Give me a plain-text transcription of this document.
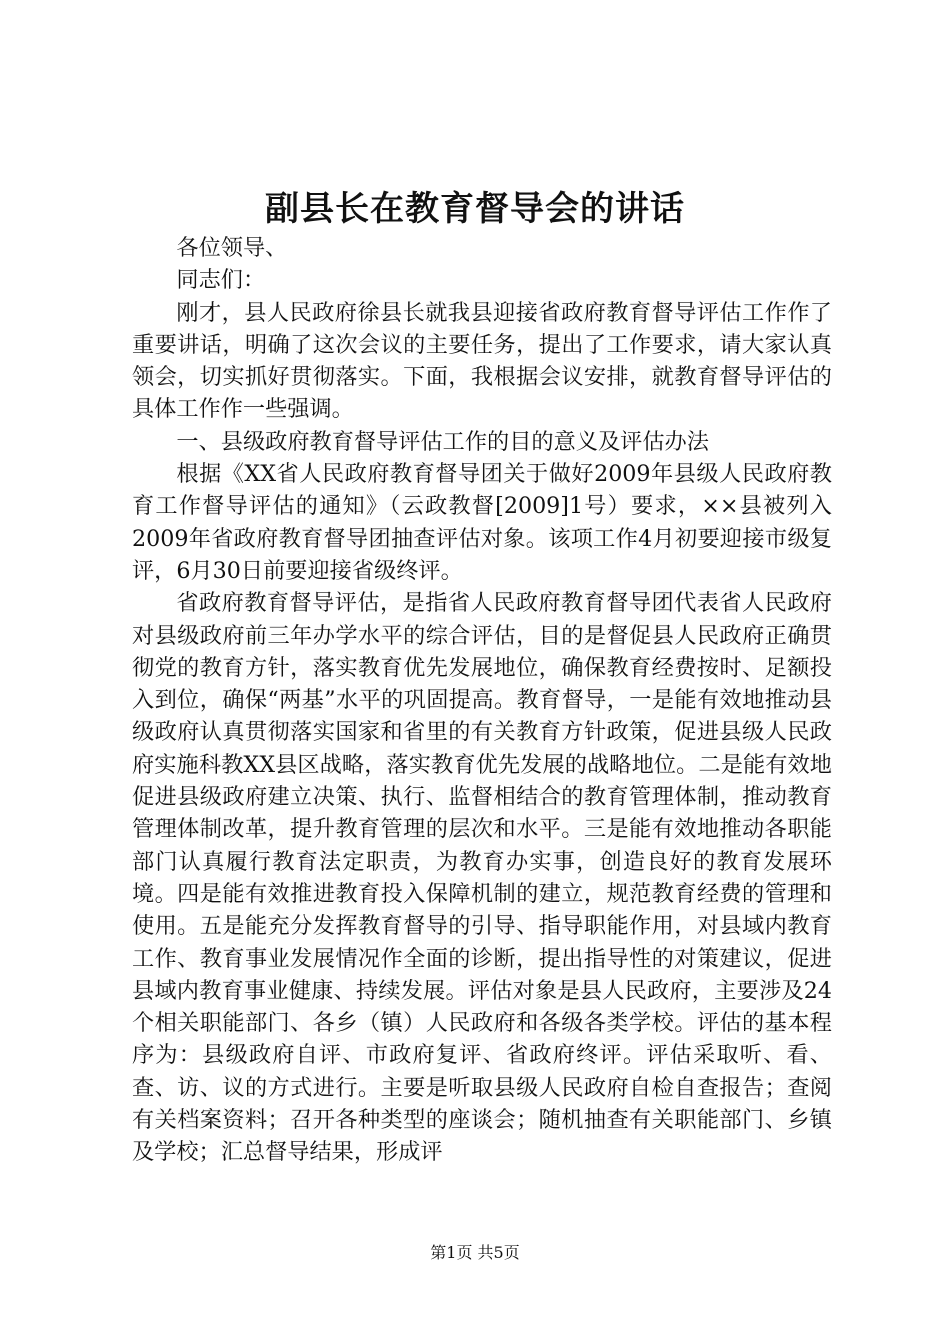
副县长在教育督导会的讲话

各位领导、

同志们：

刚才，县人民政府徐县长就我县迎接省政府教育督导评估工作作了重要讲话，明确了这次会议的主要任务，提出了工作要求，请大家认真领会，切实抓好贯彻落实。下面，我根据会议安排，就教育督导评估的具体工作作一些强调。

一、县级政府教育督导评估工作的目的意义及评估办法

根据《XX省人民政府教育督导团关于做好2009年县级人民政府教育工作督导评估的通知》（云政教督[2009]1号）要求，××县被列入2009年省政府教育督导团抽查评估对象。该项工作4月初要迎接市级复评，6月30日前要迎接省级终评。

省政府教育督导评估，是指省人民政府教育督导团代表省人民政府对县级政府前三年办学水平的综合评估，目的是督促县人民政府正确贯彻党的教育方针，落实教育优先发展地位，确保教育经费按时、足额投入到位，确保“两基”水平的巩固提高。教育督导，一是能有效地推动县级政府认真贯彻落实国家和省里的有关教育方针政策，促进县级人民政府实施科教XX县区战略，落实教育优先发展的战略地位。二是能有效地促进县级政府建立决策、执行、监督相结合的教育管理体制，推动教育管理体制改革，提升教育管理的层次和水平。三是能有效地推动各职能部门认真履行教育法定职责，为教育办实事，创造良好的教育发展环境。四是能有效推进教育投入保障机制的建立，规范教育经费的管理和使用。五是能充分发挥教育督导的引导、指导职能作用，对县域内教育工作、教育事业发展情况作全面的诊断，提出指导性的对策建议，促进县域内教育事业健康、持续发展。评估对象是县人民政府，主要涉及24个相关职能部门、各乡（镇）人民政府和各级各类学校。评估的基本程序为：县级政府自评、市政府复评、省政府终评。评估采取听、看、查、访、议的方式进行。主要是听取县级人民政府自检自查报告；查阅有关档案资料；召开各种类型的座谈会；随机抽查有关职能部门、乡镇及学校；汇总督导结果，形成评

第1页 共5页
